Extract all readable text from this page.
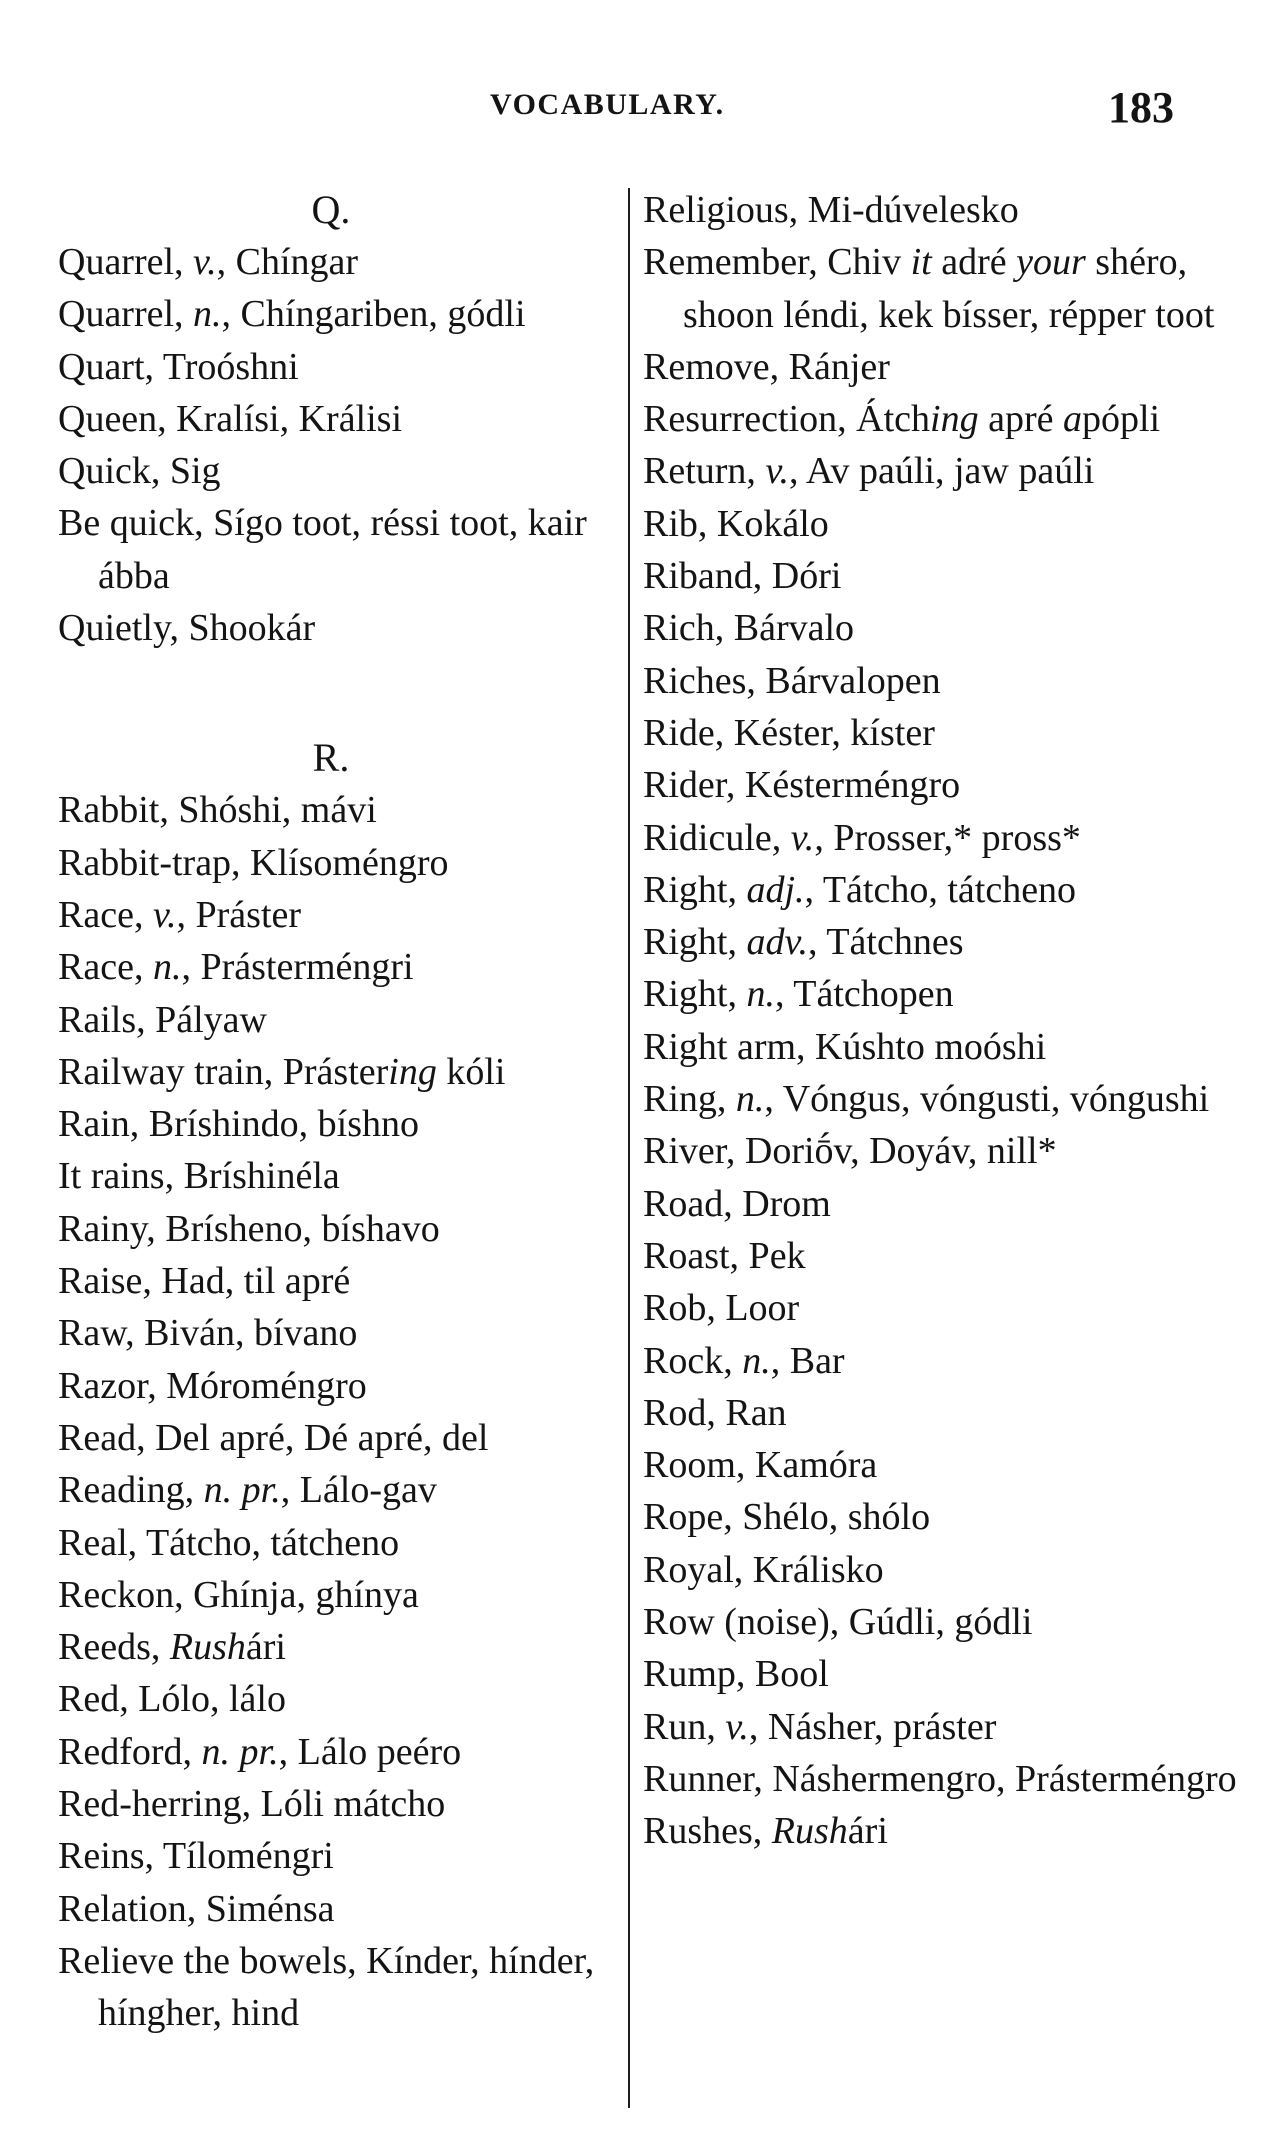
VOCABULARY.	183
Q.
Quarrel, v., Chíngar
Quarrel, n., Chíngariben, gódli
Quart, Troóshni
Queen, Kralísi, Králisi
Quick, Sig
Be quick, Sígo toot, réssi toot, kair ábba
Quietly, Shookár
R.
Rabbit, Shóshi, mávi
Rabbit-trap, Klísoméngro
Race, v., Práster
Race, n., Prásterméngri
Rails, Pályaw
Railway train, Prástering kóli
Rain, Bríshindo, bíshno
It rains, Bríshinéla
Rainy, Brísheno, bíshavo
Raise, Had, til apré
Raw, Biván, bívano
Razor, Móroméngro
Read, Del apré, Dé apré, del
Reading, n. pr., Lálo-gav
Real, Tátcho, tátcheno
Reckon, Ghínja, ghínya
Reeds, Rushári
Red, Lólo, lálo
Redford, n. pr., Lálo peéro
Red-herring, Lóli mátcho
Reins, Tíloméngri
Relation, Siménsa
Relieve the bowels, Kínder, hínder, híngher, hind
Religious, Mi-dúvelesko
Remember, Chiv it adré your shéro, shoon léndi, kek bísser, répper toot
Remove, Ránjer
Resurrection, Átching apré apópli
Return, v., Av paúli, jaw paúli
Rib, Kokálo
Riband, Dóri
Rich, Bárvalo
Riches, Bárvalopen
Ride, Késter, kíster
Rider, Késterméngro
Ridicule, v., Prosser,* pross*
Right, adj., Tátcho, tátcheno
Right, adv., Tátchnes
Right, n., Tátchopen
Right arm, Kúshto moóshi
Ring, n., Vóngus, vóngusti, vóngushi
River, Doriṓv, Doyáv, nill*
Road, Drom
Roast, Pek
Rob, Loor
Rock, n., Bar
Rod, Ran
Room, Kamóra
Rope, Shélo, shólo
Royal, Králisko
Row (noise), Gúdli, gódli
Rump, Bool
Run, v., Násher, práster
Runner, Náshermengro, Prásterméngro
Rushes, Rushári
